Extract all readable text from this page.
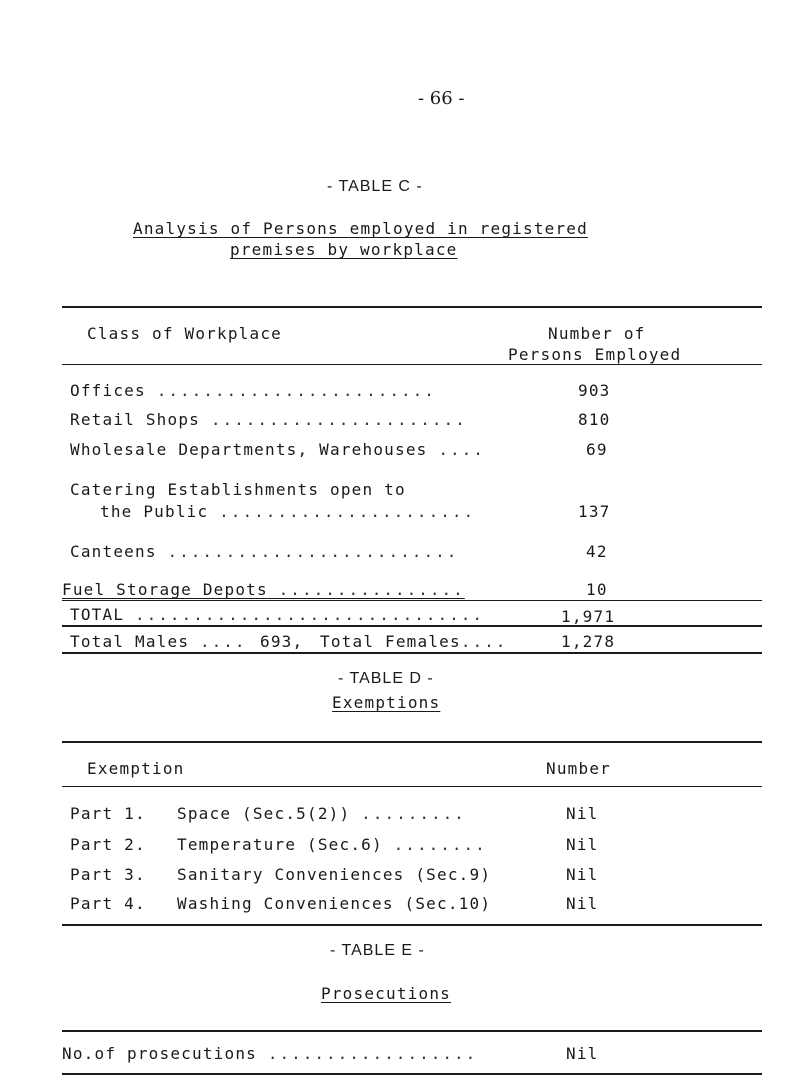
- 66 -
- TABLE C -
Analysis of Persons employed in registered
premises by workplace
Class of Workplace	Number of
Persons Employed
Offices ........................	903
Retail Shops ......................	810
Wholesale Departments, Warehouses ....	69
Catering Establishments open to
the Public ......................	137
Canteens .........................	42
Fuel Storage Depots ................	10
TOTAL ..............................	1,971
Total Males .... 693, Total Females....	1,278
- TABLE D -
Exemptions
Exemption	Number
Part 1. Space (Sec.5(2)) .........	Nil
Part 2. Temperature (Sec.6) ........	Nil
Part 3. Sanitary Conveniences (Sec.9)	Nil
Part 4. Washing Conveniences (Sec.10)	Nil
- TABLE E -
Prosecutions
No.of prosecutions ..................	Nil
